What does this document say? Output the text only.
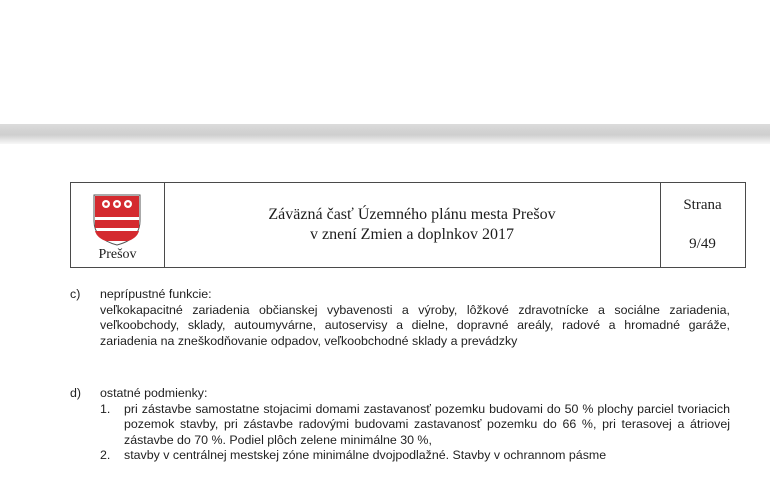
Prešov
Záväzná časť Územného plánu mesta Prešov
v znení Zmien a doplnkov 2017
Strana
9/49
c)	neprípustné funkcie:
veľkokapacitné zariadenia občianskej vybavenosti a výroby, lôžkové zdravotnícke a sociálne zariadenia, veľkoobchody, sklady, autoumyvárne, autoservisy a dielne, dopravné areály, radové a hromadné garáže, zariadenia na zneškodňovanie odpadov, veľkoobchodné sklady a prevádzky
d)	ostatné podmienky:
1. pri zástavbe samostatne stojacimi domami zastavanosť pozemku budovami do 50 % plochy parciel tvoriacich pozemok stavby, pri zástavbe radovými budovami zastavanosť pozemku do 66 %, pri terasovej a átriovej zástavbe do 70 %. Podiel plôch zelene minimálne 30 %,
2. stavby v centrálnej mestskej zóne minimálne dvojpodlažné. Stavby v ochrannom pásme
